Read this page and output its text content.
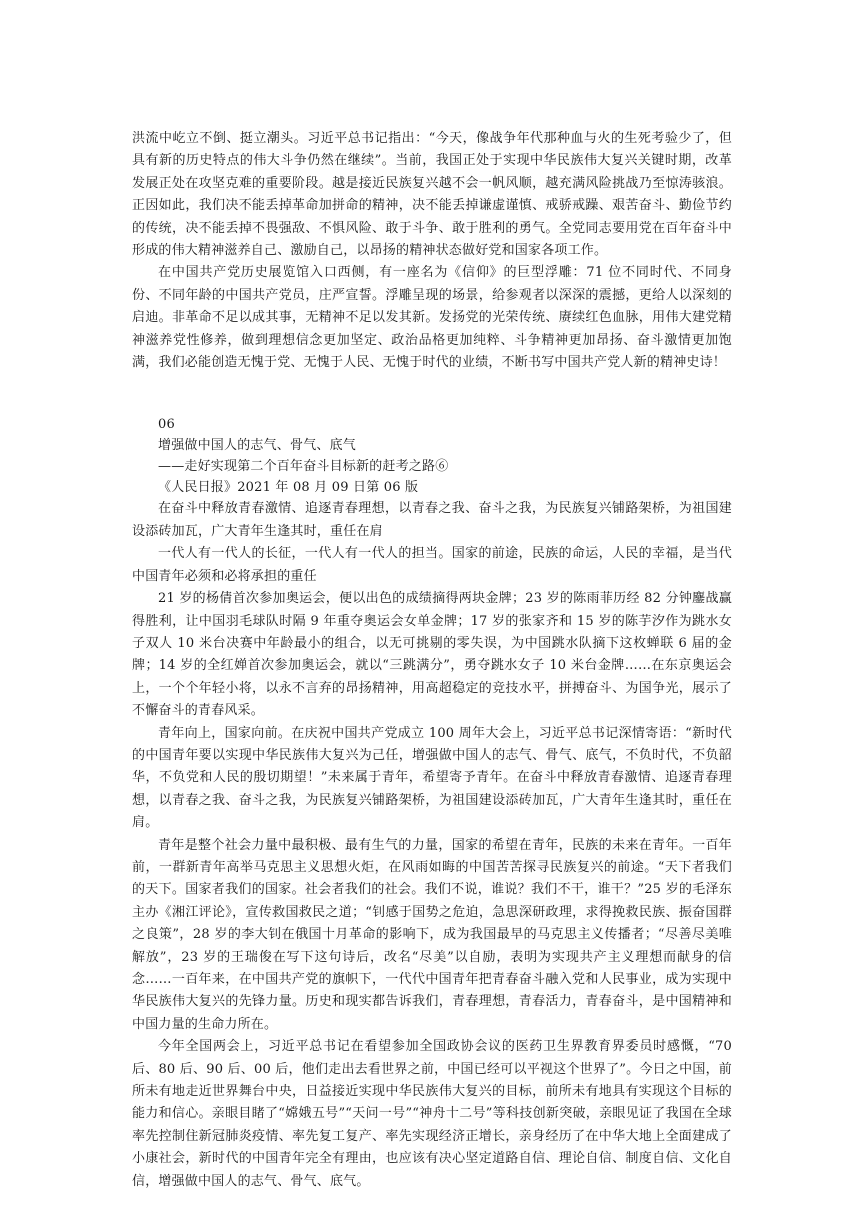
洪流中屹立不倒、挺立潮头。习近平总书记指出：“今天，像战争年代那种血与火的生死考验少了，但具有新的历史特点的伟大斗争仍然在继续”。当前，我国正处于实现中华民族伟大复兴关键时期，改革发展正处在攻坚克难的重要阶段。越是接近民族复兴越不会一帆风顺，越充满风险挑战乃至惊涛骇浪。正因如此，我们决不能丢掉革命加拼命的精神，决不能丢掉谦虚谨慎、戒骄戒躁、艰苦奋斗、勤俭节约的传统，决不能丢掉不畏强敌、不惧风险、敢于斗争、敢于胜利的勇气。全党同志要用党在百年奋斗中形成的伟大精神滋养自己、激励自己，以昂扬的精神状态做好党和国家各项工作。

在中国共产党历史展览馆入口西侧，有一座名为《信仰》的巨型浮雕：71 位不同时代、不同身份、不同年龄的中国共产党员，庄严宣誓。浮雕呈现的场景，给参观者以深深的震撼，更给人以深刻的启迪。非革命不足以成其事，无精神不足以发其新。发扬党的光荣传统、赓续红色血脉，用伟大建党精神滋养党性修养，做到理想信念更加坚定、政治品格更加纯粹、斗争精神更加昂扬、奋斗激情更加饱满，我们必能创造无愧于党、无愧于人民、无愧于时代的业绩，不断书写中国共产党人新的精神史诗！

06
增强做中国人的志气、骨气、底气
——走好实现第二个百年奋斗目标新的赶考之路⑥
《人民日报》2021 年 08 月 09 日第 06 版

在奋斗中释放青春激情、追逐青春理想，以青春之我、奋斗之我，为民族复兴铺路架桥，为祖国建设添砖加瓦，广大青年生逢其时，重任在肩

一代人有一代人的长征，一代人有一代人的担当。国家的前途，民族的命运，人民的幸福，是当代中国青年必须和必将承担的重任

21 岁的杨倩首次参加奥运会，便以出色的成绩摘得两块金牌；23 岁的陈雨菲历经 82 分钟鏖战赢得胜利，让中国羽毛球队时隔 9 年重夺奥运会女单金牌；17 岁的张家齐和 15 岁的陈芋汐作为跳水女子双人 10 米台决赛中年龄最小的组合，以无可挑剔的零失误，为中国跳水队摘下这枚蝉联 6 届的金牌；14 岁的全红婵首次参加奥运会，就以“三跳满分”，勇夺跳水女子 10 米台金牌……在东京奥运会上，一个个年轻小将，以永不言弃的昂扬精神，用高超稳定的竞技水平，拼搏奋斗、为国争光，展示了不懈奋斗的青春风采。

青年向上，国家向前。在庆祝中国共产党成立 100 周年大会上，习近平总书记深情寄语：“新时代的中国青年要以实现中华民族伟大复兴为己任，增强做中国人的志气、骨气、底气，不负时代，不负韶华，不负党和人民的殷切期望！”未来属于青年，希望寄予青年。在奋斗中释放青春激情、追逐青春理想，以青春之我、奋斗之我，为民族复兴铺路架桥，为祖国建设添砖加瓦，广大青年生逢其时，重任在肩。

青年是整个社会力量中最积极、最有生气的力量，国家的希望在青年，民族的未来在青年。一百年前，一群新青年高举马克思主义思想火炬，在风雨如晦的中国苦苦探寻民族复兴的前途。“天下者我们的天下。国家者我们的国家。社会者我们的社会。我们不说，谁说？我们不干，谁干？”25 岁的毛泽东主办《湘江评论》，宣传救国救民之道；“钊感于国势之危迫，急思深研政理，求得挽救民族、振奋国群之良策”，28 岁的李大钊在俄国十月革命的影响下，成为我国最早的马克思主义传播者；“尽善尽美唯解放”，23 岁的王瑞俊在写下这句诗后，改名“尽美”以自励，表明为实现共产主义理想而献身的信念……一百年来，在中国共产党的旗帜下，一代代中国青年把青春奋斗融入党和人民事业，成为实现中华民族伟大复兴的先锋力量。历史和现实都告诉我们，青春理想，青春活力，青春奋斗，是中国精神和中国力量的生命力所在。

今年全国两会上，习近平总书记在看望参加全国政协会议的医药卫生界教育界委员时感慨，“70 后、80 后、90 后、00 后，他们走出去看世界之前，中国已经可以平视这个世界了”。今日之中国，前所未有地走近世界舞台中央，日益接近实现中华民族伟大复兴的目标，前所未有地具有实现这个目标的能力和信心。亲眼目睹了“嫦娥五号”“天问一号”“神舟十二号”等科技创新突破，亲眼见证了我国在全球率先控制住新冠肺炎疫情、率先复工复产、率先实现经济正增长，亲身经历了在中华大地上全面建成了小康社会，新时代的中国青年完全有理由，也应该有决心坚定道路自信、理论自信、制度自信、文化自信，增强做中国人的志气、骨气、底气。
